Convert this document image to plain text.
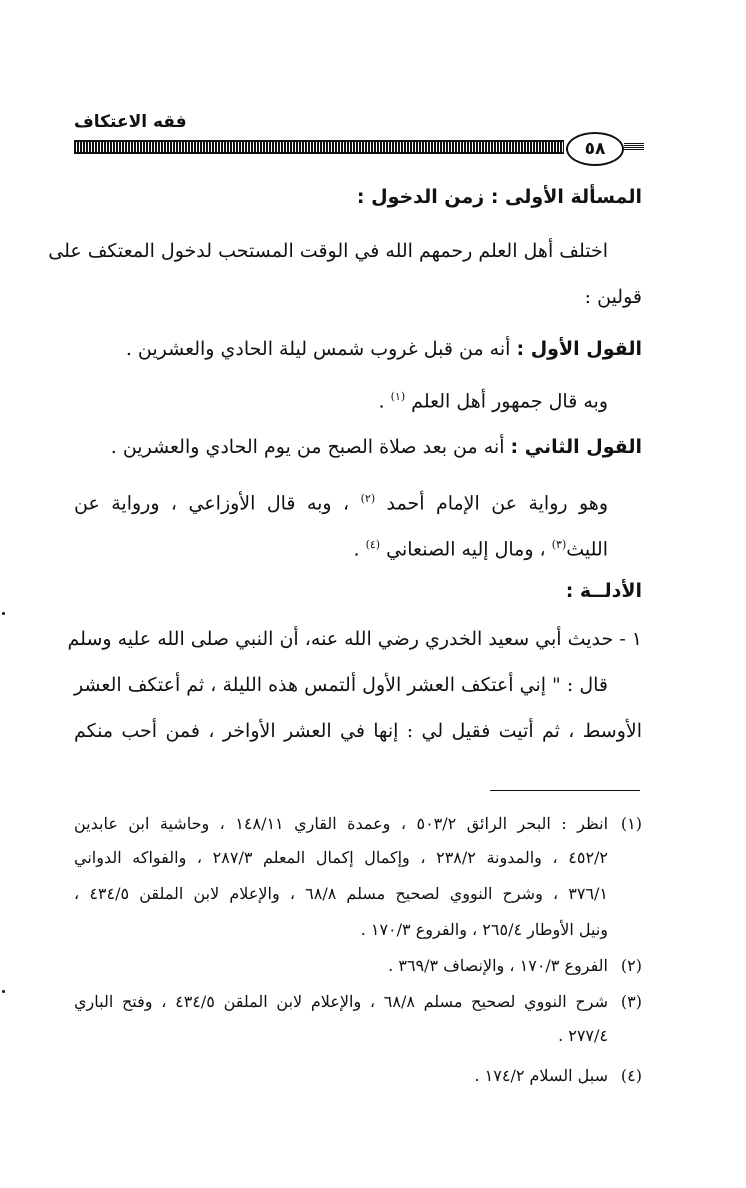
فقه الاعتكاف
٥٨
المسألة الأولى : زمن الدخول :
اختلف أهل العلم رحمهم الله في الوقت المستحب لدخول المعتكف على
قولين :
القول الأول : أنه من قبل غروب شمس ليلة الحادي والعشرين .
وبه قال جمهور أهل العلم $^{(١)}$ .
القول الثاني : أنه من بعد صلاة الصبح من يوم الحادي والعشرين .
وهو رواية عن الإمام أحمد $^{(٢)}$ ، وبه قال الأوزاعي ، ورواية عن
الليث$^{(٣)}$ ، ومال إليه الصنعاني $^{(٤)}$ .
الأدلــة :
١ - حديث أبي سعيد الخدري رضي الله عنه، أن النبي صلى الله عليه وسلم
قال : " إني أعتكف العشر الأول ألتمس هذه الليلة ، ثم أعتكف العشر
الأوسط ، ثم أتيت فقيل لي : إنها في العشر الأواخر ، فمن أحب منكم
(١)انظر : البحر الرائق ٥٠٣/٢ ، وعمدة القاري ١٤٨/١١ ، وحاشية ابن عابدين
٤٥٢/٢ ، والمدونة ٢٣٨/٢ ، وإكمال إكمال المعلم ٢٨٧/٣ ، والفواكه الدواني
٣٧٦/١ ، وشرح النووي لصحيح مسلم ٦٨/٨ ، والإعلام لابن الملقن ٤٣٤/٥ ،
ونيل الأوطار ٢٦٥/٤ ، والفروع ١٧٠/٣ .
(٢)الفروع ١٧٠/٣ ، والإنصاف ٣٦٩/٣ .
(٣)شرح النووي لصحيح مسلم ٦٨/٨ ، والإعلام لابن الملقن ٤٣٤/٥ ، وفتح الباري
٢٧٧/٤ .
(٤)سبل السلام ١٧٤/٢ .
